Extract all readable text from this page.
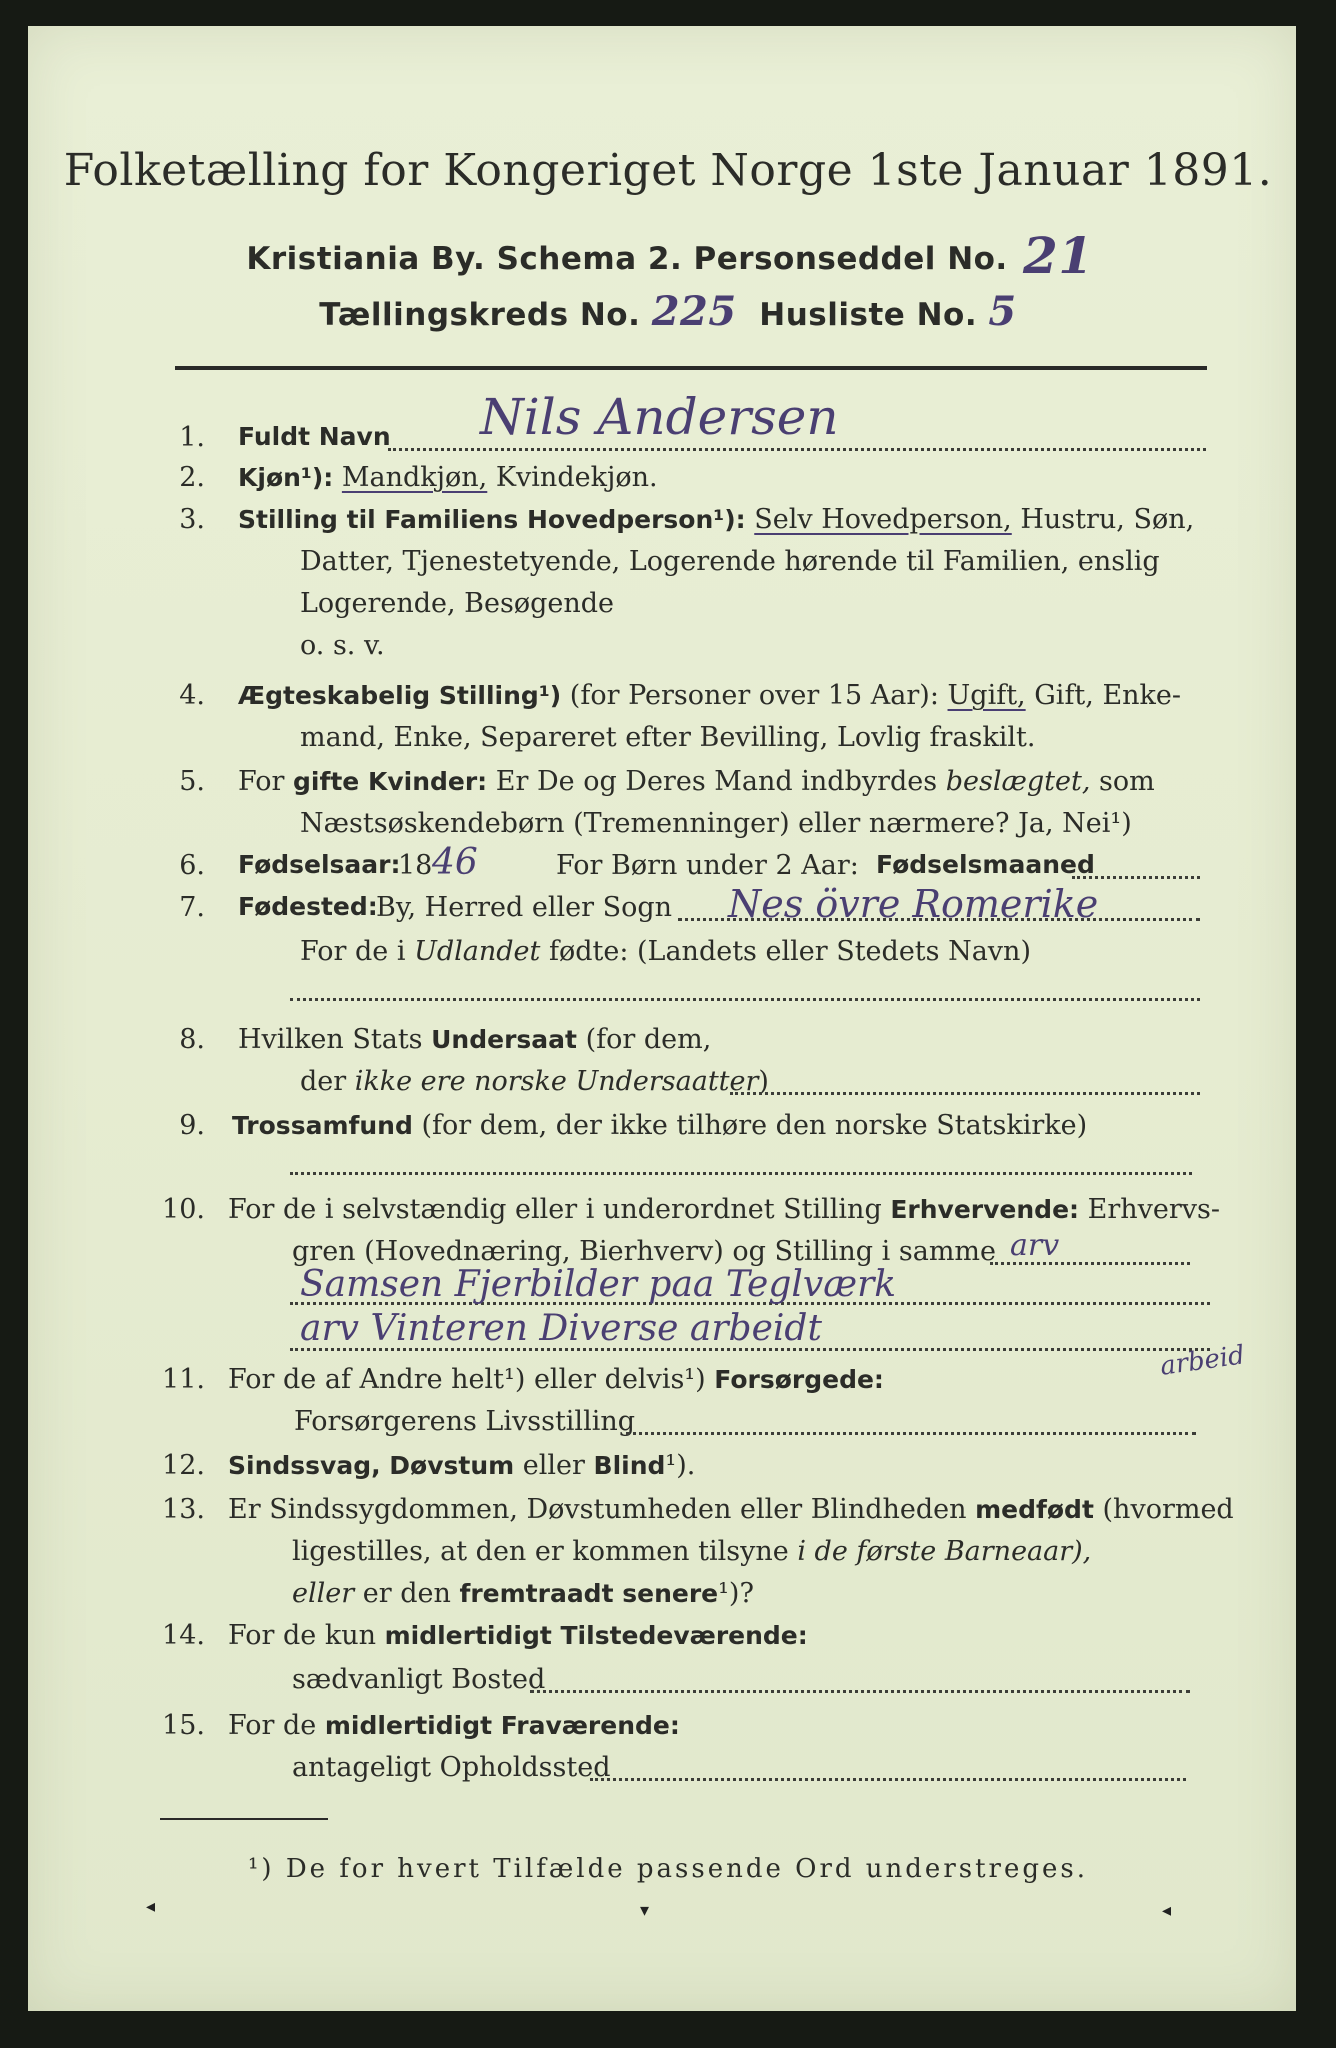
Folketælling for Kongeriget Norge 1ste Januar 1891.
Kristiania By. Schema 2. Personseddel No. 21
Tællingskreds No. 225 Husliste No. 5
1. Fuldt Navn Nils Andersen
2. Kjøn¹): Mandkjøn, Kvindekjøn.
3. Stilling til Familiens Hovedperson¹): Selv Hovedperson, Hustru, Søn,
Datter, Tjenestetyende, Logerende hørende til Familien, enslig
Logerende, Besøgende
o. s. v.
4. Ægteskabelig Stilling¹) (for Personer over 15 Aar): Ugift, Gift, Enke-
mand, Enke, Separeret efter Bevilling, Lovlig fraskilt.
5. For gifte Kvinder: Er De og Deres Mand indbyrdes beslægtet, som
Næstsøskendebørn (Tremenninger) eller nærmere? Ja, Nei¹)
6. Fødselsaar:
18 46	For Børn under 2 Aar: Fødselsmaaned
7. Fødested:
By, Herred eller Sogn Nes övre Romerike
For de i Udlandet fødte: (Landets eller Stedets Navn)
8. Hvilken Stats Undersaat (for dem,
der ikke ere norske Undersaatter)
9. Trossamfund (for dem, der ikke tilhøre den norske Statskirke)
10. For de i selvstændig eller i underordnet Stilling Erhvervende: Erhvervs-
gren (Hovednæring, Bierhverv) og Stilling i samme arv
Samsen Fjerbilder paa Teglværk
arv Vinteren Diverse arbeidt
arbeid
11. For de af Andre helt¹) eller delvis¹) Forsørgede:
Forsørgerens Livsstilling
12. Sindssvag, Døvstum eller Blind¹).
13. Er Sindssygdommen, Døvstumheden eller Blindheden medfødt (hvormed
ligestilles, at den er kommen tilsyne i de første Barneaar),
eller er den fremtraadt senere¹)?
14. For de kun midlertidigt Tilstedeværende:
sædvanligt Bosted
15. For de midlertidigt Fraværende:
antageligt Opholdssted
¹) De for hvert Tilfælde passende Ord understreges.
◂	▾	◂
